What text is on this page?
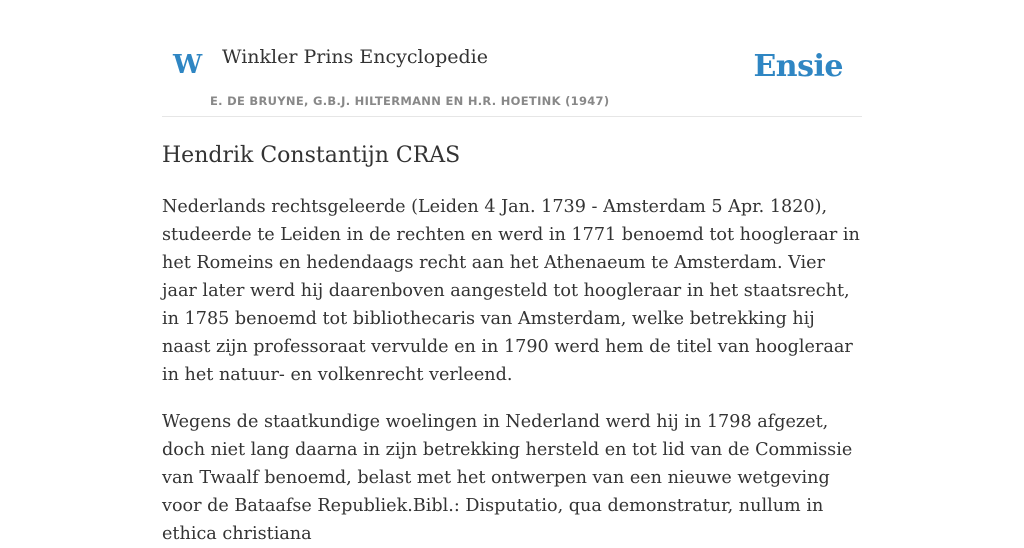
W Winkler Prins Encyclopedie
E. DE BRUYNE, G.B.J. HILTERMANN EN H.R. HOETINK (1947)
Ensie
Hendrik Constantijn CRAS

Nederlands rechtsgeleerde (Leiden 4 Jan. 1739 - Amsterdam 5 Apr. 1820), studeerde te Leiden in de rechten en werd in 1771 benoemd tot hoogleraar in het Romeins en hedendaags recht aan het Athenaeum te Amsterdam. Vier jaar later werd hij daarenboven aangesteld tot hoogleraar in het staatsrecht, in 1785 benoemd tot bibliothecaris van Amsterdam, welke betrekking hij naast zijn professoraat vervulde en in 1790 werd hem de titel van hoogleraar in het natuur- en volkenrecht verleend.

Wegens de staatkundige woelingen in Nederland werd hij in 1798 afgezet, doch niet lang daarna in zijn betrekking hersteld en tot lid van de Commissie van Twaalf benoemd, belast met het ontwerpen van een nieuwe wetgeving voor de Bataafse Republiek.Bibl.: Disputatio, qua demonstratur, nullum in ethica christiana
